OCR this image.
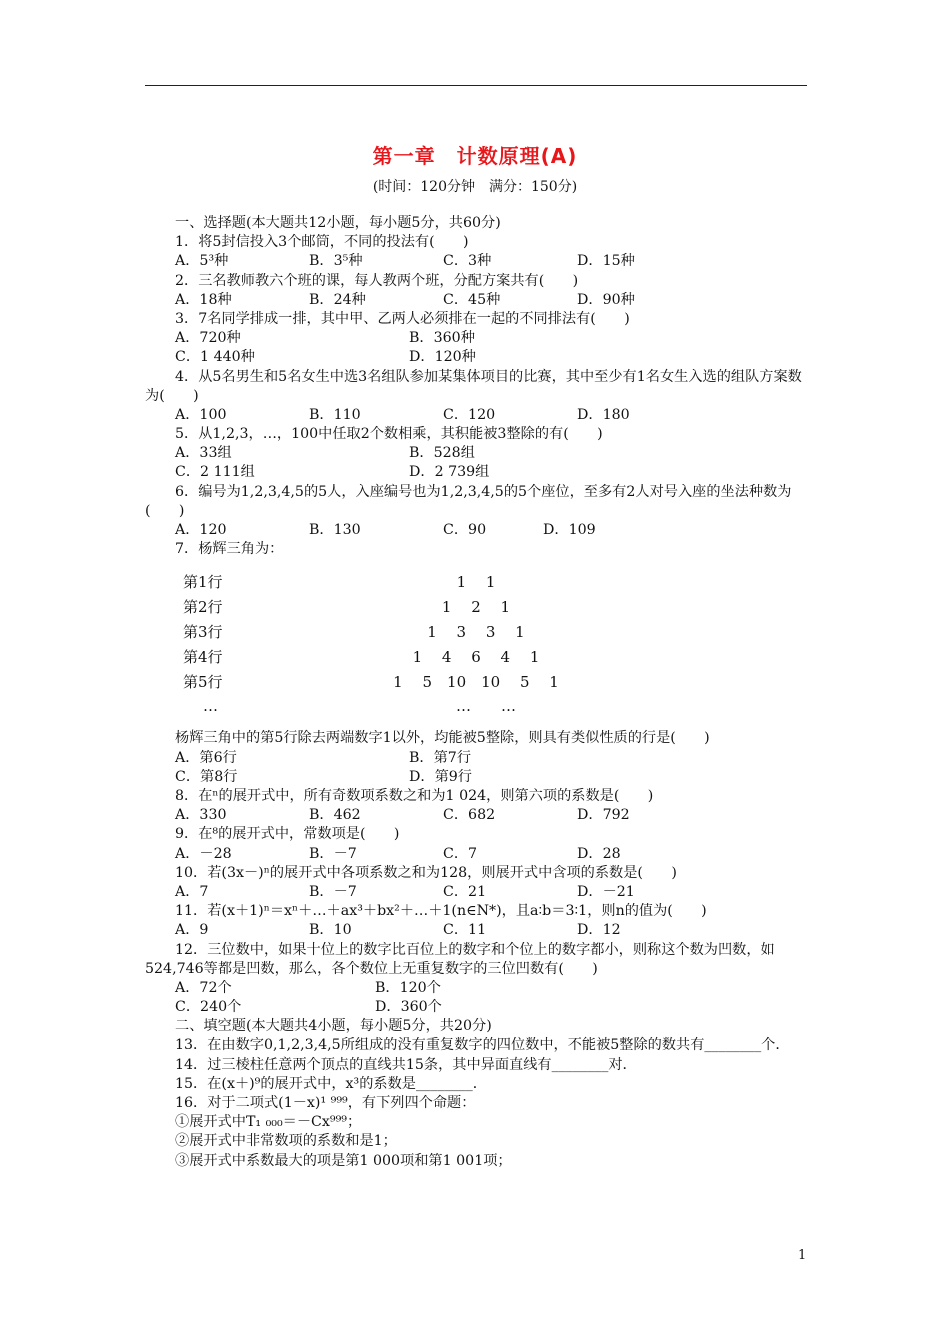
第一章　计数原理(A)
(时间：120分钟　满分：150分)
一、选择题(本大题共12小题，每小题5分，共60分)
1．将5封信投入3个邮筒，不同的投法有(　　)
A．5³种	B．3⁵种	C．3种	D．15种
2．三名教师教六个班的课，每人教两个班，分配方案共有(　　)
A．18种	B．24种	C．45种	D．90种
3．7名同学排成一排，其中甲、乙两人必须排在一起的不同排法有(　　)
A．720种	B．360种
C．1 440种	D．120种
4．从5名男生和5名女生中选3名组队参加某集体项目的比赛，其中至少有1名女生入选的组队方案数为(　　)
A．100	B．110	C．120	D．180
5．从1,2,3，…，100中任取2个数相乘，其积能被3整除的有(　　)
A．33组	B．528组
C．2 111组	D．2 739组
6．编号为1,2,3,4,5的5人，入座编号也为1,2,3,4,5的5个座位，至多有2人对号入座的坐法种数为(　　)
A．120	B．130	C．90	D．109
7．杨辉三角为：
第1行	1　 1
第2行	1　 2　 1
第3行	1　 3　 3　 1
第4行	1　 4　 6　 4　 1
第5行	1　 5　10　10　 5　 1
…	…　　…
杨辉三角中的第5行除去两端数字1以外，均能被5整除，则具有类似性质的行是(　　)
A．第6行	B．第7行
C．第8行	D．第9行
8．在ⁿ的展开式中，所有奇数项系数之和为1 024，则第六项的系数是(　　)
A．330	B．462	C．682	D．792
9．在⁸的展开式中，常数项是(　　)
A．－28	B．－7	C．7	D．28
10．若(3x－)ⁿ的展开式中各项系数之和为128，则展开式中含项的系数是(　　)
A．7	B．－7	C．21	D．－21
11．若(x＋1)ⁿ＝xⁿ＋…＋ax³＋bx²＋…＋1(n∈N*)，且a∶b＝3∶1，则n的值为(　　)
A．9	B．10	C．11	D．12
12．三位数中，如果十位上的数字比百位上的数字和个位上的数字都小，则称这个数为凹数，如524,746等都是凹数，那么，各个数位上无重复数字的三位凹数有(　　)
A．72个	B．120个
C．240个	D．360个
二、填空题(本大题共4小题，每小题5分，共20分)
13．在由数字0,1,2,3,4,5所组成的没有重复数字的四位数中，不能被5整除的数共有________个．
14．过三棱柱任意两个顶点的直线共15条，其中异面直线有________对．
15．在(x＋)⁹的展开式中，x³的系数是________．
16．对于二项式(1－x)¹ ⁹⁹⁹，有下列四个命题：
①展开式中T₁ ₀₀₀＝－Cx⁹⁹⁹；
②展开式中非常数项的系数和是1；
③展开式中系数最大的项是第1 000项和第1 001项；
1
